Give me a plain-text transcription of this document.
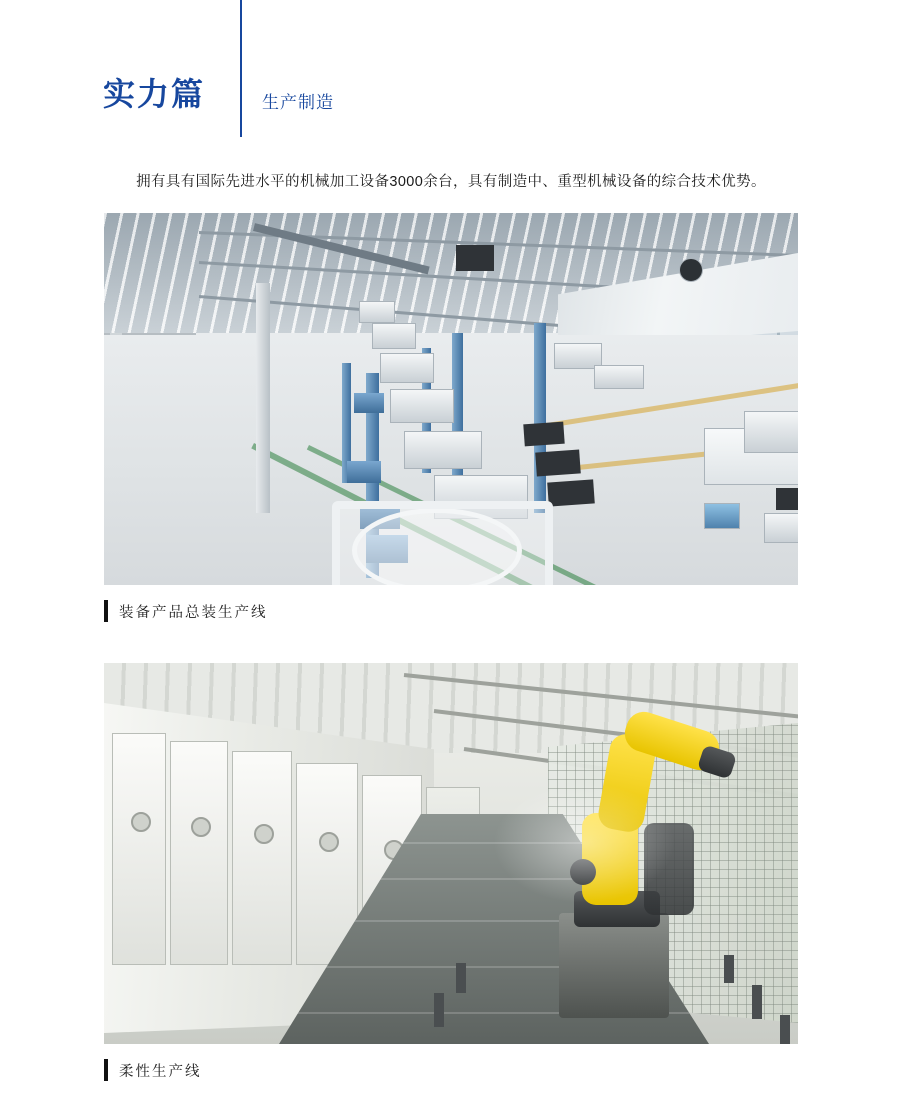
实力篇	生产制造
拥有具有国际先进水平的机械加工设备3000余台，具有制造中、重型机械设备的综合技术优势。
装备产品总装生产线
柔性生产线
